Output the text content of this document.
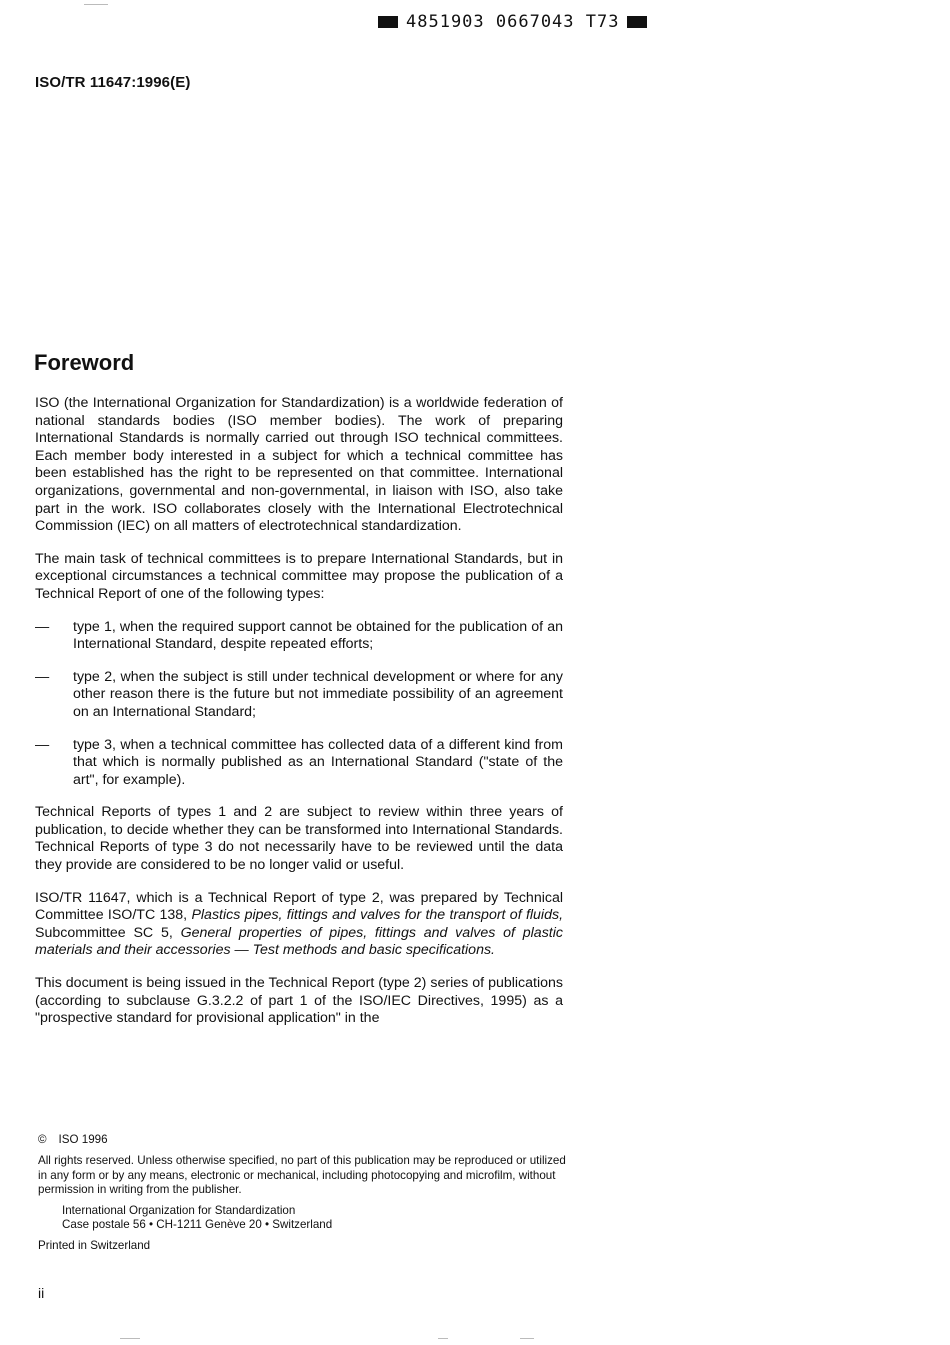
4851903 0667043 T73
ISO/TR 11647:1996(E)
Foreword

ISO (the International Organization for Standardization) is a worldwide federation of national standards bodies (ISO member bodies). The work of preparing International Standards is normally carried out through ISO technical committees. Each member body interested in a subject for which a technical committee has been established has the right to be represented on that committee. International organizations, governmental and non-governmental, in liaison with ISO, also take part in the work. ISO collaborates closely with the International Electrotechnical Commission (IEC) on all matters of electrotechnical standardization.

The main task of technical committees is to prepare International Standards, but in exceptional circumstances a technical committee may propose the publication of a Technical Report of one of the following types:

— type 1, when the required support cannot be obtained for the publication of an International Standard, despite repeated efforts;
— type 2, when the subject is still under technical development or where for any other reason there is the future but not immediate possibility of an agreement on an International Standard;
— type 3, when a technical committee has collected data of a different kind from that which is normally published as an International Standard ("state of the art", for example).

Technical Reports of types 1 and 2 are subject to review within three years of publication, to decide whether they can be transformed into International Standards. Technical Reports of type 3 do not necessarily have to be reviewed until the data they provide are considered to be no longer valid or useful.

ISO/TR 11647, which is a Technical Report of type 2, was prepared by Technical Committee ISO/TC 138, Plastics pipes, fittings and valves for the transport of fluids, Subcommittee SC 5, General properties of pipes, fittings and valves of plastic materials and their accessories — Test methods and basic specifications.

This document is being issued in the Technical Report (type 2) series of publications (according to subclause G.3.2.2 of part 1 of the ISO/IEC Directives, 1995) as a "prospective standard for provisional application" in the

© ISO 1996
All rights reserved. Unless otherwise specified, no part of this publication may be reproduced or utilized in any form or by any means, electronic or mechanical, including photocopying and microfilm, without permission in writing from the publisher.
International Organization for Standardization
Case postale 56 • CH-1211 Genève 20 • Switzerland
Printed in Switzerland
ii
